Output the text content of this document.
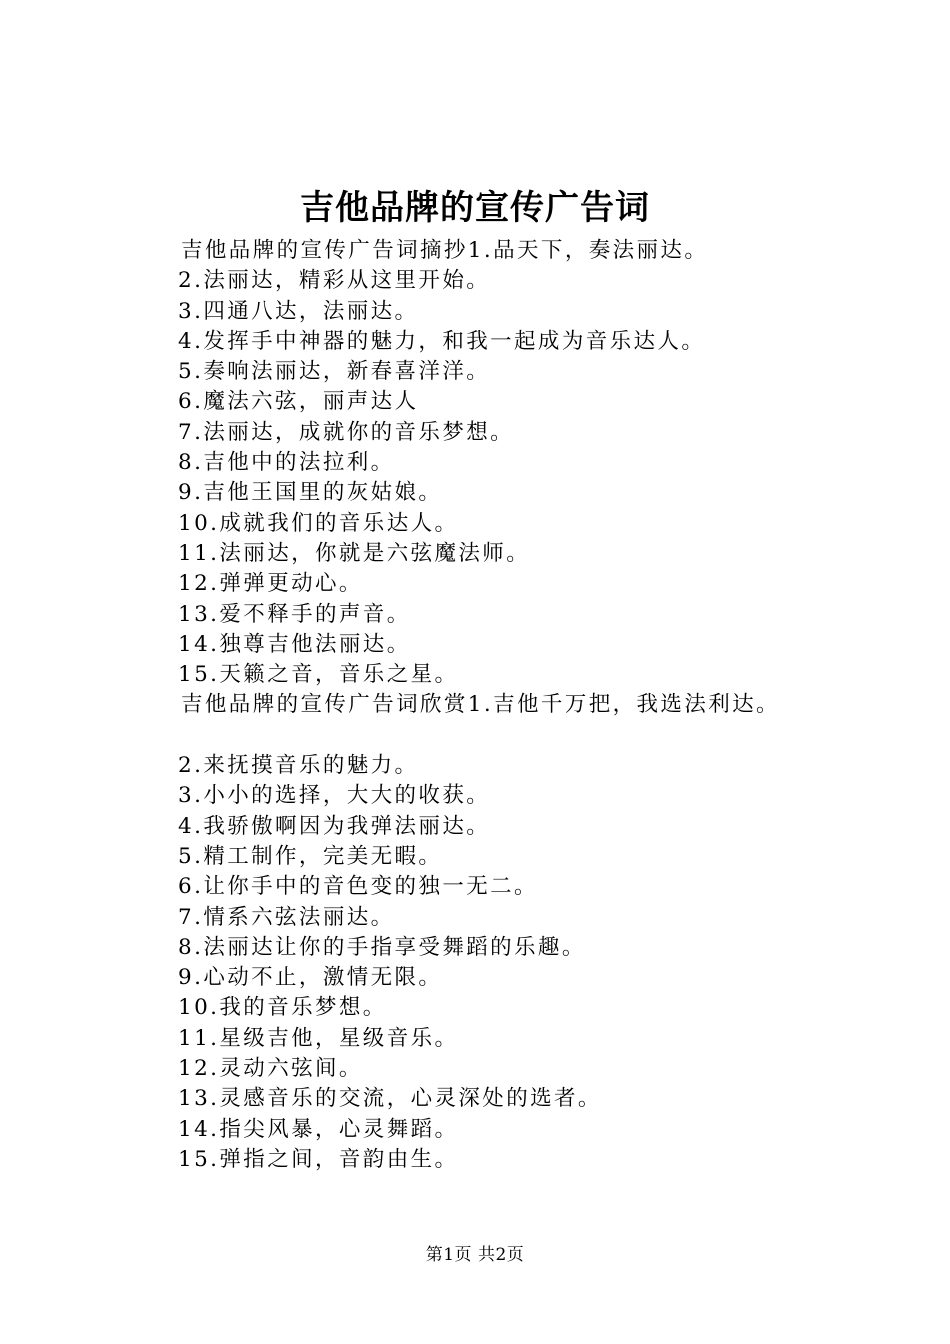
吉他品牌的宣传广告词
吉他品牌的宣传广告词摘抄1.品天下，奏法丽达。
2.法丽达，精彩从这里开始。
3.四通八达，法丽达。
4.发挥手中神器的魅力，和我一起成为音乐达人。
5.奏响法丽达，新春喜洋洋。
6.魔法六弦，丽声达人
7.法丽达，成就你的音乐梦想。
8.吉他中的法拉利。
9.吉他王国里的灰姑娘。
10.成就我们的音乐达人。
11.法丽达，你就是六弦魔法师。
12.弹弹更动心。
13.爱不释手的声音。
14.独尊吉他法丽达。
15.天籁之音，音乐之星。
吉他品牌的宣传广告词欣赏1.吉他千万把，我选法利达。
2.来抚摸音乐的魅力。
3.小小的选择，大大的收获。
4.我骄傲啊因为我弹法丽达。
5.精工制作，完美无暇。
6.让你手中的音色变的独一无二。
7.情系六弦法丽达。
8.法丽达让你的手指享受舞蹈的乐趣。
9.心动不止，激情无限。
10.我的音乐梦想。
11.星级吉他，星级音乐。
12.灵动六弦间。
13.灵感音乐的交流，心灵深处的选者。
14.指尖风暴，心灵舞蹈。
15.弹指之间，音韵由生。
第1页 共2页
